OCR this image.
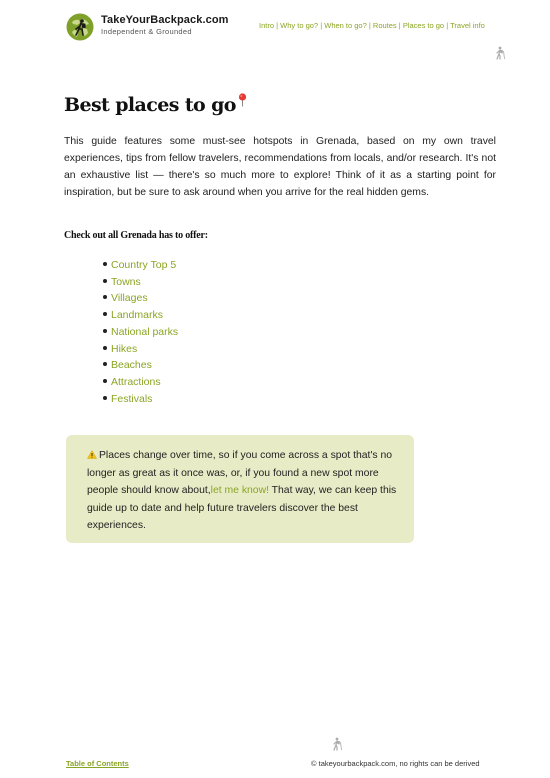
TakeYourBackpack.com
Independent & Grounded
Intro | Why to go? | When to go? | Routes | Places to go | Travel info
Best places to go

This guide features some must-see hotspots in Grenada, based on my own travel experiences, tips from fellow travelers, recommendations from locals, and/or research. It's not an exhaustive list — there's so much more to explore! Think of it as a starting point for inspiration, but be sure to ask around when you arrive for the real hidden gems.

Check out all Grenada has to offer:
Country Top 5
Towns
Villages
Landmarks
National parks
Hikes
Beaches
Attractions
Festivals
Places change over time, so if you come across a spot that's no longer as great as it once was, or, if you found a new spot more people should know about,let me know! That way, we can keep this guide up to date and help future travelers discover the best experiences.
Table of Contents	© takeyourbackpack.com, no rights can be derived
